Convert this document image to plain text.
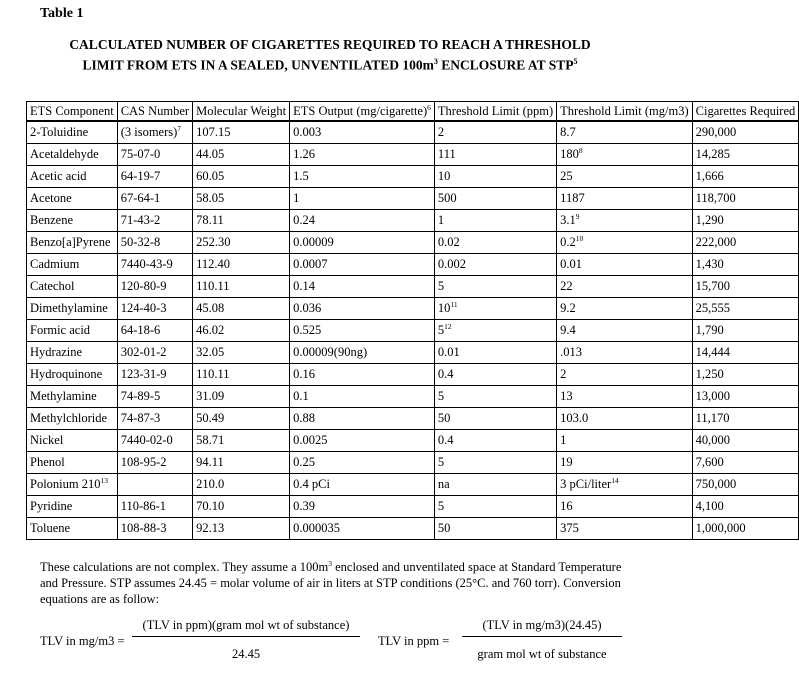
Table 1
CALCULATED NUMBER OF CIGARETTES REQUIRED TO REACH A THRESHOLD
LIMIT FROM ETS IN A SEALED, UNVENTILATED $100m^3$ ENCLOSURE AT STP$^5$
ETS Component	CAS Number	Molecular Weight	ETS Output (mg/cigarette)$^6$	Threshold Limit (ppm)	Threshold Limit (mg/m3)	Cigarettes Required
2-Toluidine	(3 isomers)$^7$	107.15	0.003	2	8.7	290,000
Acetaldehyde	75-07-0	44.05	1.26	111	$180^8$	14,285
Acetic acid	64-19-7	60.05	1.5	10	25	1,666
Acetone	67-64-1	58.05	1	500	1187	118,700
Benzene	71-43-2	78.11	0.24	1	$3.1^9$	1,290
Benzo[a]Pyrene	50-32-8	252.30	0.00009	0.02	$0.2^{10}$	222,000
Cadmium	7440-43-9	112.40	0.0007	0.002	0.01	1,430
Catechol	120-80-9	110.11	0.14	5	22	15,700
Dimethylamine	124-40-3	45.08	0.036	$10^{11}$	9.2	25,555
Formic acid	64-18-6	46.02	0.525	$5^{12}$	9.4	1,790
Hydrazine	302-01-2	32.05	0.00009(90ng)	0.01	.013	14,444
Hydroquinone	123-31-9	110.11	0.16	0.4	2	1,250
Methylamine	74-89-5	31.09	0.1	5	13	13,000
Methylchloride	74-87-3	50.49	0.88	50	103.0	11,170
Nickel	7440-02-0	58.71	0.0025	0.4	1	40,000
Phenol	108-95-2	94.11	0.25	5	19	7,600
Polonium $210^{13}$		210.0	0.4 pCi	na	3 pCi/liter$^{14}$	750,000
Pyridine	110-86-1	70.10	0.39	5	16	4,100
Toluene	108-88-3	92.13	0.000035	50	375	1,000,000
These calculations are not complex. They assume a $100m^3$ enclosed and unventilated space at Standard Temperature and Pressure. STP assumes 24.45 = molar volume of air in liters at STP conditions (25°C. and 760 torr). Conversion equations are as follow:
TLV in mg/m3 =
(TLV in ppm)(gram mol wt of substance)
24.45
TLV in ppm =
(TLV in mg/m3)(24.45)
gram mol wt of substance
